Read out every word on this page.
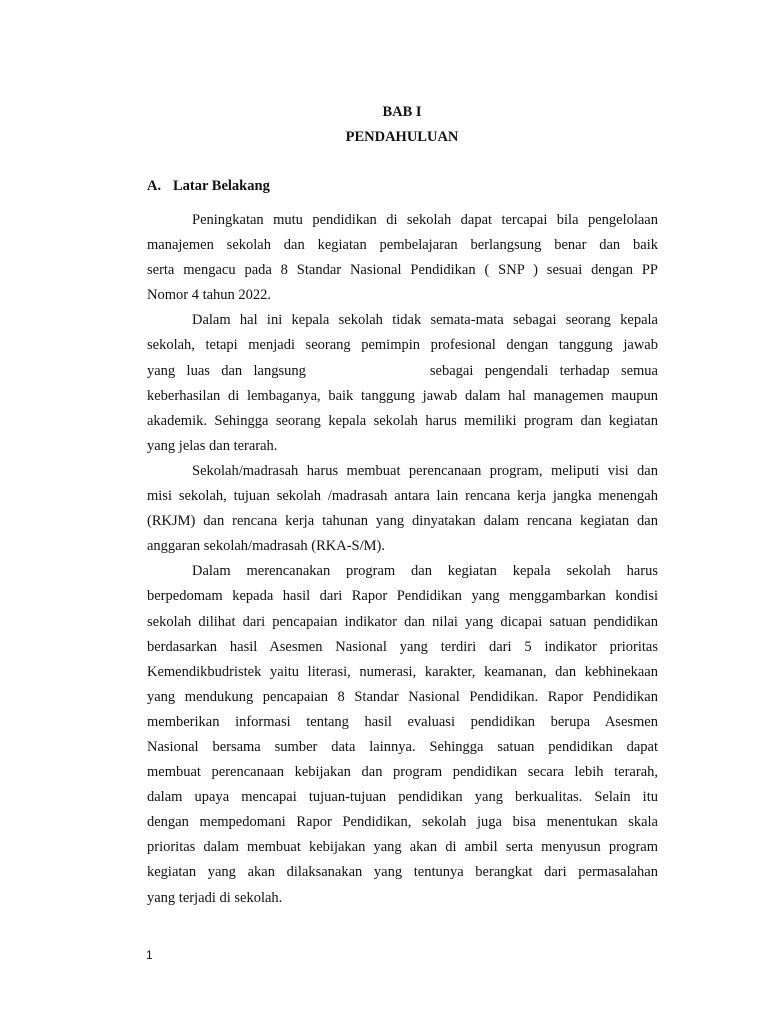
BAB I

PENDAHULUAN

A. Latar Belakang

Peningkatan mutu pendidikan di sekolah dapat tercapai bila pengelolaan
manajemen sekolah dan kegiatan pembelajaran berlangsung benar dan baik
serta mengacu pada 8 Standar Nasional Pendidikan ( SNP ) sesuai dengan PP
Nomor 4 tahun 2022.
Dalam hal ini kepala sekolah tidak semata-mata sebagai seorang kepala
sekolah, tetapi menjadi seorang pemimpin profesional dengan tanggung jawab
yang luas dan langsung	sebagai pengendali terhadap semua
keberhasilan di lembaganya, baik tanggung jawab dalam hal managemen maupun
akademik. Sehingga seorang kepala sekolah harus memiliki program dan kegiatan
yang jelas dan terarah.
Sekolah/madrasah harus membuat perencanaan program, meliputi visi dan
misi sekolah, tujuan sekolah /madrasah antara lain rencana kerja jangka menengah
(RKJM) dan rencana kerja tahunan yang dinyatakan dalam rencana kegiatan dan
anggaran sekolah/madrasah (RKA-S/M).
Dalam merencanakan program dan kegiatan kepala sekolah harus
berpedomam kepada hasil dari Rapor Pendidikan yang menggambarkan kondisi
sekolah dilihat dari pencapaian indikator dan nilai yang dicapai satuan pendidikan
berdasarkan hasil Asesmen Nasional yang terdiri dari 5 indikator prioritas
Kemendikbudristek yaitu literasi, numerasi, karakter, keamanan, dan kebhinekaan
yang mendukung pencapaian 8 Standar Nasional Pendidikan. Rapor Pendidikan
memberikan informasi tentang hasil evaluasi pendidikan berupa Asesmen
Nasional bersama sumber data lainnya. Sehingga satuan pendidikan dapat
membuat perencanaan kebijakan dan program pendidikan secara lebih terarah,
dalam upaya mencapai tujuan-tujuan pendidikan yang berkualitas. Selain itu
dengan mempedomani Rapor Pendidikan, sekolah juga bisa menentukan skala
prioritas dalam membuat kebijakan yang akan di ambil serta menyusun program
kegiatan yang akan dilaksanakan yang tentunya berangkat dari permasalahan
yang terjadi di sekolah.

1
